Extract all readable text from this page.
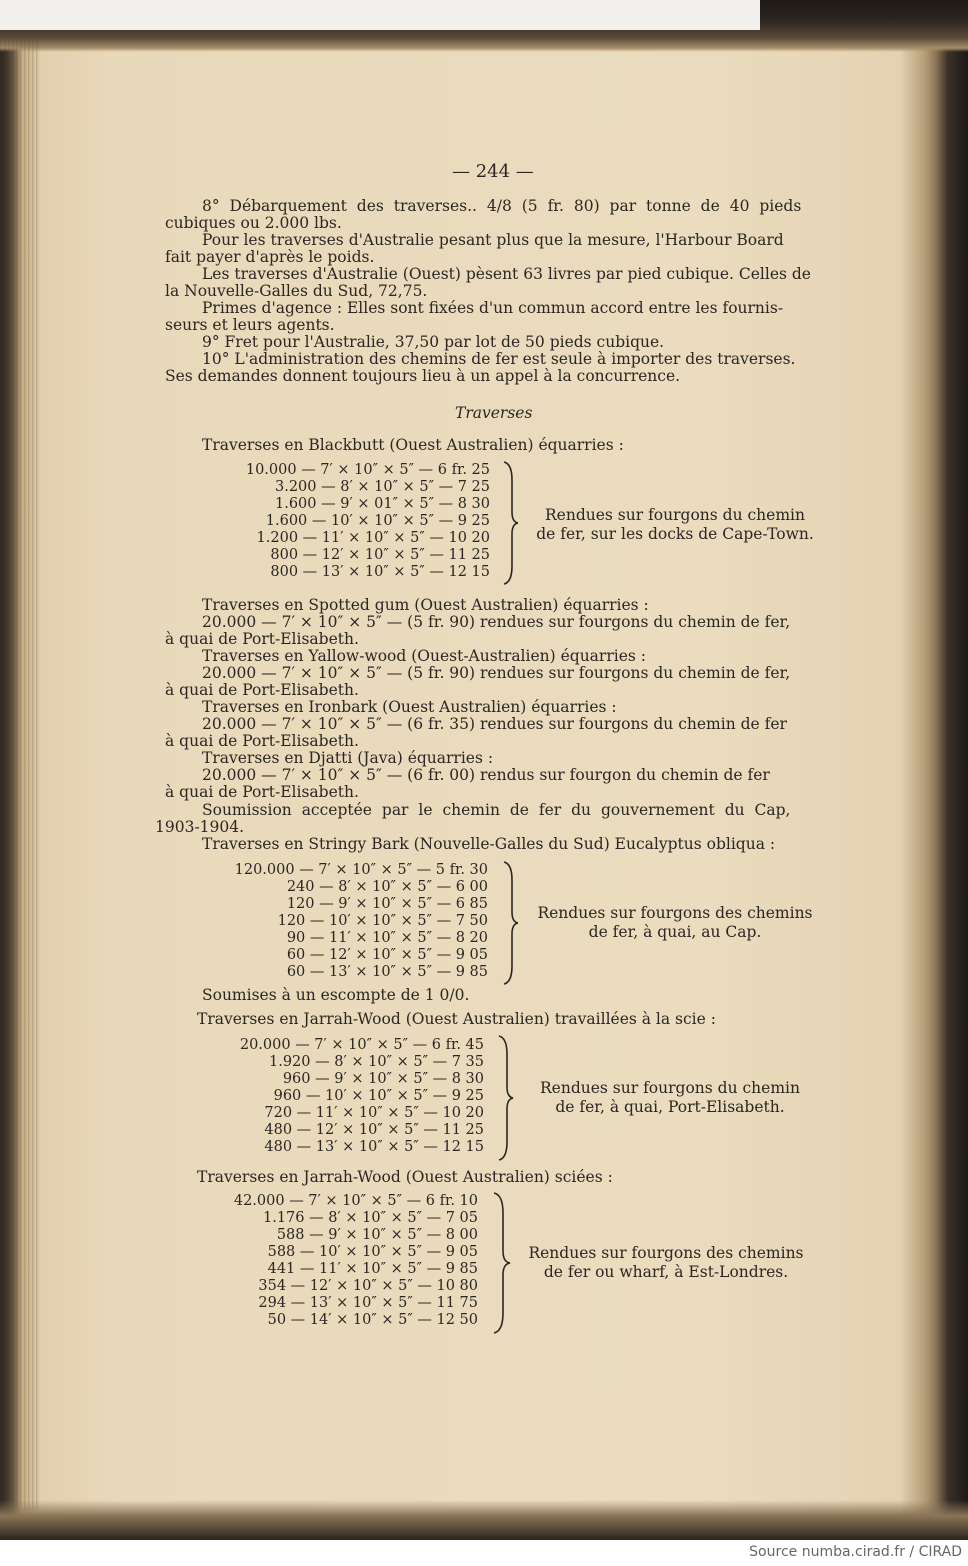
— 244 —
8° Débarquement des traverses.. 4/8 (5 fr. 80) par tonne de 40 pieds
cubiques ou 2.000 lbs.
Pour les traverses d'Australie pesant plus que la mesure, l'Harbour Board
fait payer d'après le poids.
Les traverses d'Australie (Ouest) pèsent 63 livres par pied cubique. Celles de
la Nouvelle-Galles du Sud, 72,75.
Primes d'agence : Elles sont fixées d'un commun accord entre les fournis-
seurs et leurs agents.
9° Fret pour l'Australie, 37,50 par lot de 50 pieds cubique.
10° L'administration des chemins de fer est seule à importer des traverses.
Ses demandes donnent toujours lieu à un appel à la concurrence.
Traverses
Traverses en Blackbutt (Ouest Australien) équarries :
10.000 — 7′ × 10″ × 5″ — 6 fr. 25
3.200 — 8′ × 10″ × 5″ — 7 25
1.600 — 9′ × 01″ × 5″ — 8 30
1.600 — 10′ × 10″ × 5″ — 9 25
1.200 — 11′ × 10″ × 5″ — 10 20
800 — 12′ × 10″ × 5″ — 11 25
800 — 13′ × 10″ × 5″ — 12 15
Rendues sur fourgons du chemin
de fer, sur les docks de Cape-Town.
Traverses en Spotted gum (Ouest Australien) équarries :
20.000 — 7′ × 10″ × 5″ — (5 fr. 90) rendues sur fourgons du chemin de fer,
à quai de Port-Elisabeth.
Traverses en Yallow-wood (Ouest-Australien) équarries :
20.000 — 7′ × 10″ × 5″ — (5 fr. 90) rendues sur fourgons du chemin de fer,
à quai de Port-Elisabeth.
Traverses en Ironbark (Ouest Australien) équarries :
20.000 — 7′ × 10″ × 5″ — (6 fr. 35) rendues sur fourgons du chemin de fer
à quai de Port-Elisabeth.
Traverses en Djatti (Java) équarries :
20.000 — 7′ × 10″ × 5″ — (6 fr. 00) rendus sur fourgon du chemin de fer
à quai de Port-Elisabeth.
Soumission acceptée par le chemin de fer du gouvernement du Cap,
1903-1904.
Traverses en Stringy Bark (Nouvelle-Galles du Sud) Eucalyptus obliqua :
120.000 — 7′ × 10″ × 5″ — 5 fr. 30
240 — 8′ × 10″ × 5″ — 6 00
120 — 9′ × 10″ × 5″ — 6 85
120 — 10′ × 10″ × 5″ — 7 50
90 — 11′ × 10″ × 5″ — 8 20
60 — 12′ × 10″ × 5″ — 9 05
60 — 13′ × 10″ × 5″ — 9 85
Rendues sur fourgons des chemins
de fer, à quai, au Cap.
Soumises à un escompte de 1 0/0.
Traverses en Jarrah-Wood (Ouest Australien) travaillées à la scie :
20.000 — 7′ × 10″ × 5″ — 6 fr. 45
1.920 — 8′ × 10″ × 5″ — 7 35
960 — 9′ × 10″ × 5″ — 8 30
960 — 10′ × 10″ × 5″ — 9 25
720 — 11′ × 10″ × 5″ — 10 20
480 — 12′ × 10″ × 5″ — 11 25
480 — 13′ × 10″ × 5″ — 12 15
Rendues sur fourgons du chemin
de fer, à quai, Port-Elisabeth.
Traverses en Jarrah-Wood (Ouest Australien) sciées :
42.000 — 7′ × 10″ × 5″ — 6 fr. 10
1.176 — 8′ × 10″ × 5″ — 7 05
588 — 9′ × 10″ × 5″ — 8 00
588 — 10′ × 10″ × 5″ — 9 05
441 — 11′ × 10″ × 5″ — 9 85
354 — 12′ × 10″ × 5″ — 10 80
294 — 13′ × 10″ × 5″ — 11 75
50 — 14′ × 10″ × 5″ — 12 50
Rendues sur fourgons des chemins
de fer ou wharf, à Est-Londres.
Source numba.cirad.fr / CIRAD
